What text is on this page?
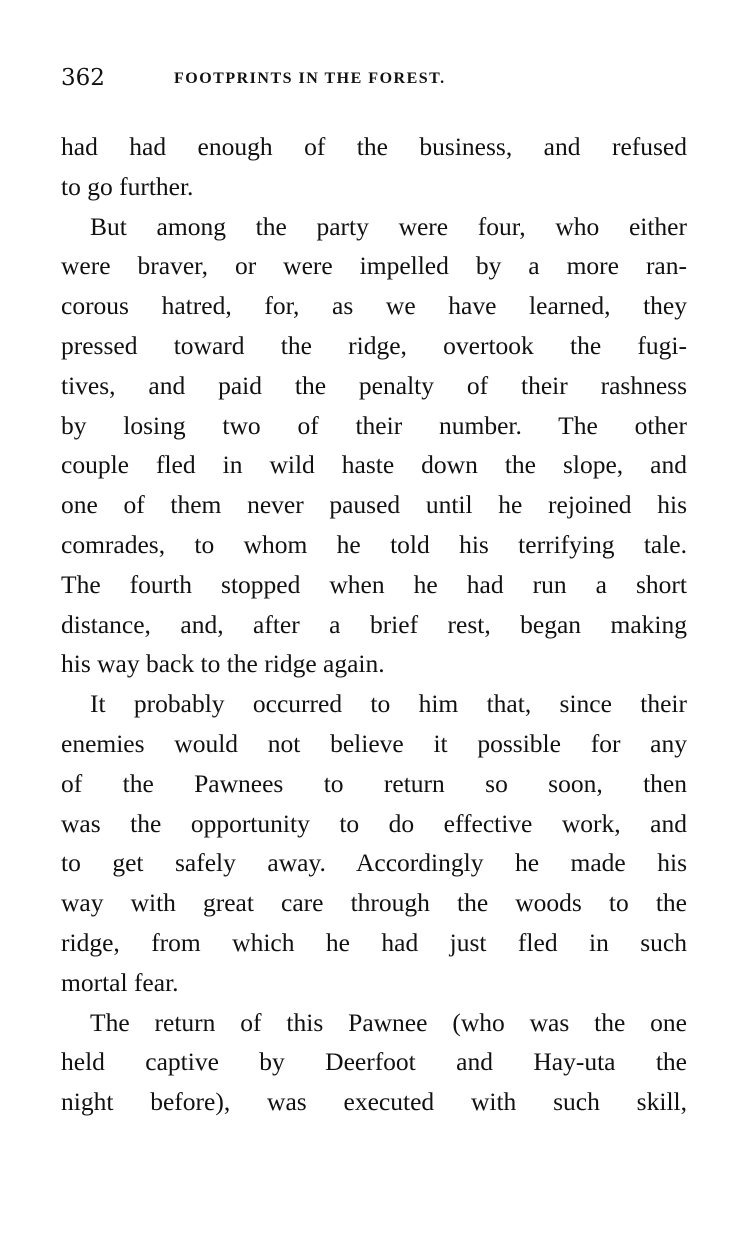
362	FOOTPRINTS IN THE FOREST.
had had enough of the business, and refused
to go further.
But among the party were four, who either
were braver, or were impelled by a more ran-
corous hatred, for, as we have learned, they
pressed toward the ridge, overtook the fugi-
tives, and paid the penalty of their rashness
by losing two of their number. The other
couple fled in wild haste down the slope, and
one of them never paused until he rejoined his
comrades, to whom he told his terrifying tale.
The fourth stopped when he had run a short
distance, and, after a brief rest, began making
his way back to the ridge again.
It probably occurred to him that, since their
enemies would not believe it possible for any
of the Pawnees to return so soon, then
was the opportunity to do effective work, and
to get safely away. Accordingly he made his
way with great care through the woods to the
ridge, from which he had just fled in such
mortal fear.
The return of this Pawnee (who was the one
held captive by Deerfoot and Hay-uta the
night before), was executed with such skill,
